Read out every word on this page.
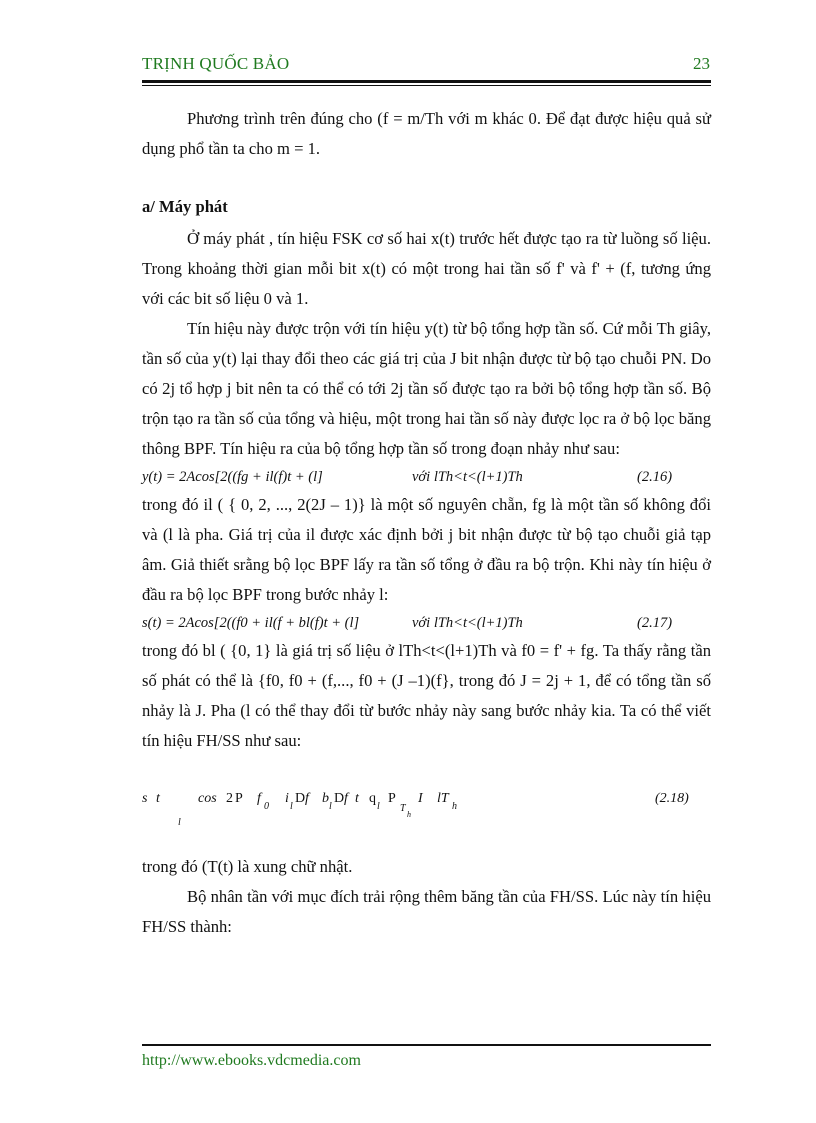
TRỊNH QUỐC BẢO	23

Phương trình trên đúng cho (f = m/Th với m khác 0. Để đạt được hiệu quả sử dụng phổ tần ta cho m = 1.

a/ Máy phát

Ở máy phát , tín hiệu FSK cơ số hai x(t) trước hết được tạo ra từ luồng số liệu. Trong khoảng thời gian mỗi bit x(t) có một trong hai tần số f' và f' + (f, tương ứng với các bit số liệu 0 và 1.

Tín hiệu này được trộn với tín hiệu y(t) từ bộ tổng hợp tần số. Cứ mỗi Th giây, tần số của y(t) lại thay đổi theo các giá trị của J bit nhận được từ bộ tạo chuỗi PN. Do có 2j tổ hợp j bit nên ta có thể có tới 2j tần số được tạo ra bởi bộ tổng hợp tần số. Bộ trộn tạo ra tần số của tổng và hiệu, một trong hai tần số này được lọc ra ở bộ lọc băng thông BPF. Tín hiệu ra của bộ tổng hợp tần số trong đoạn nhảy như sau:

y(t) = 2Acos[2((fg + il(f)t + (l]	với lTh<t<(l+1)Th	(2.16)

trong đó il ( { 0, 2, ..., 2(2J – 1)} là một số nguyên chẵn, fg là một tần số không đổi và (l là pha. Giá trị của il được xác định bởi j bit nhận được từ bộ tạo chuỗi giả tạp âm. Giả thiết srằng bộ lọc BPF lấy ra tần số tổng ở đầu ra bộ trộn. Khi này tín hiệu ở đầu ra bộ lọc BPF trong bước nhảy l:

s(t) = 2Acos[2((f0 + il(f + bl(f)t + (l]	với lTh<t<(l+1)Th	(2.17)

trong đó bl ( {0, 1} là giá trị số liệu ở lTh<t<(l+1)Th và f0 = f' + fg. Ta thấy rằng tần số phát có thể là {f0, f0 + (f,..., f0 + (J –1)(f}, trong đó J = 2j + 1, để có tổng tần số nhảy là J. Pha (l có thể thay đổi từ bước nhảy này sang bước nhảy kia. Ta có thể viết tín hiệu FH/SS như sau:

s t
l
cos 2 P f
0
i
l
D f b
l
D f t q
l
P
T
h
I lT
h
(2.18)

trong đó (T(t) là xung chữ nhật.

Bộ nhân tần với mục đích trải rộng thêm băng tần của FH/SS. Lúc này tín hiệu FH/SS thành:

http://www.ebooks.vdcmedia.com
